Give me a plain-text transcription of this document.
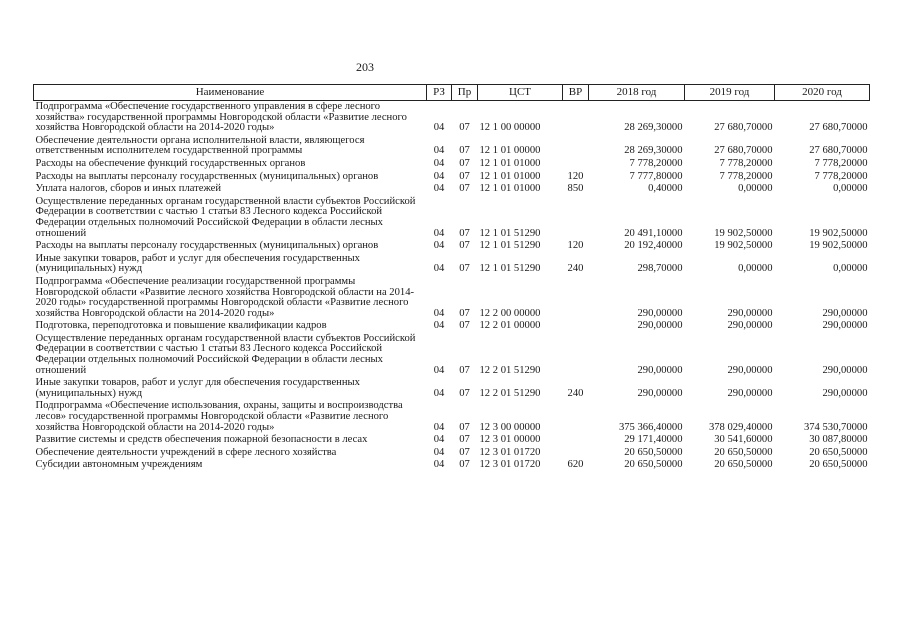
203
Наименование	РЗ	Пр	ЦСТ	ВР	2018 год	2019 год	2020 год
Подпрограмма «Обеспечение государственного управления в сфере лесного хозяйства» государственной программы Новгородской области «Развитие лесного хозяйства Новгородской области на 2014-2020 годы»	04	07	12 1 00 00000		28 269,30000	27 680,70000	27 680,70000
Обеспечение деятельности органа исполнительной власти, являющегося ответственным исполнителем государственной программы	04	07	12 1 01 00000		28 269,30000	27 680,70000	27 680,70000
Расходы на обеспечение функций государственных органов	04	07	12 1 01 01000		7 778,20000	7 778,20000	7 778,20000
Расходы на выплаты персоналу государственных (муниципальных) органов	04	07	12 1 01 01000	120	7 777,80000	7 778,20000	7 778,20000
Уплата налогов, сборов и иных платежей	04	07	12 1 01 01000	850	0,40000	0,00000	0,00000
Осуществление переданных органам государственной власти субъектов Российской Федерации в соответствии с частью 1 статьи 83 Лесного кодекса Российской Федерации отдельных полномочий Российской Федерации в области лесных отношений	04	07	12 1 01 51290		20 491,10000	19 902,50000	19 902,50000
Расходы на выплаты персоналу государственных (муниципальных) органов	04	07	12 1 01 51290	120	20 192,40000	19 902,50000	19 902,50000
Иные закупки товаров, работ и услуг для обеспечения государственных (муниципальных) нужд	04	07	12 1 01 51290	240	298,70000	0,00000	0,00000
Подпрограмма «Обеспечение реализации государственной программы Новгородской области «Развитие лесного хозяйства Новгородской области на 2014-2020 годы» государственной программы Новгородской области «Развитие лесного хозяйства Новгородской области на 2014-2020 годы»	04	07	12 2 00 00000		290,00000	290,00000	290,00000
Подготовка, переподготовка и повышение квалификации кадров	04	07	12 2 01 00000		290,00000	290,00000	290,00000
Осуществление переданных органам государственной власти субъектов Российской Федерации в соответствии с частью 1 статьи 83 Лесного кодекса Российской Федерации отдельных полномочий Российской Федерации в области лесных отношений	04	07	12 2 01 51290		290,00000	290,00000	290,00000
Иные закупки товаров, работ и услуг для обеспечения государственных (муниципальных) нужд	04	07	12 2 01 51290	240	290,00000	290,00000	290,00000
Подпрограмма «Обеспечение использования, охраны, защиты и воспроизводства лесов» государственной программы Новгородской области «Развитие лесного хозяйства Новгородской области на 2014-2020 годы»	04	07	12 3 00 00000		375 366,40000	378 029,40000	374 530,70000
Развитие системы и средств обеспечения пожарной безопасности в лесах	04	07	12 3 01 00000		29 171,40000	30 541,60000	30 087,80000
Обеспечение деятельности учреждений в сфере лесного хозяйства	04	07	12 3 01 01720		20 650,50000	20 650,50000	20 650,50000
Субсидии автономным учреждениям	04	07	12 3 01 01720	620	20 650,50000	20 650,50000	20 650,50000
